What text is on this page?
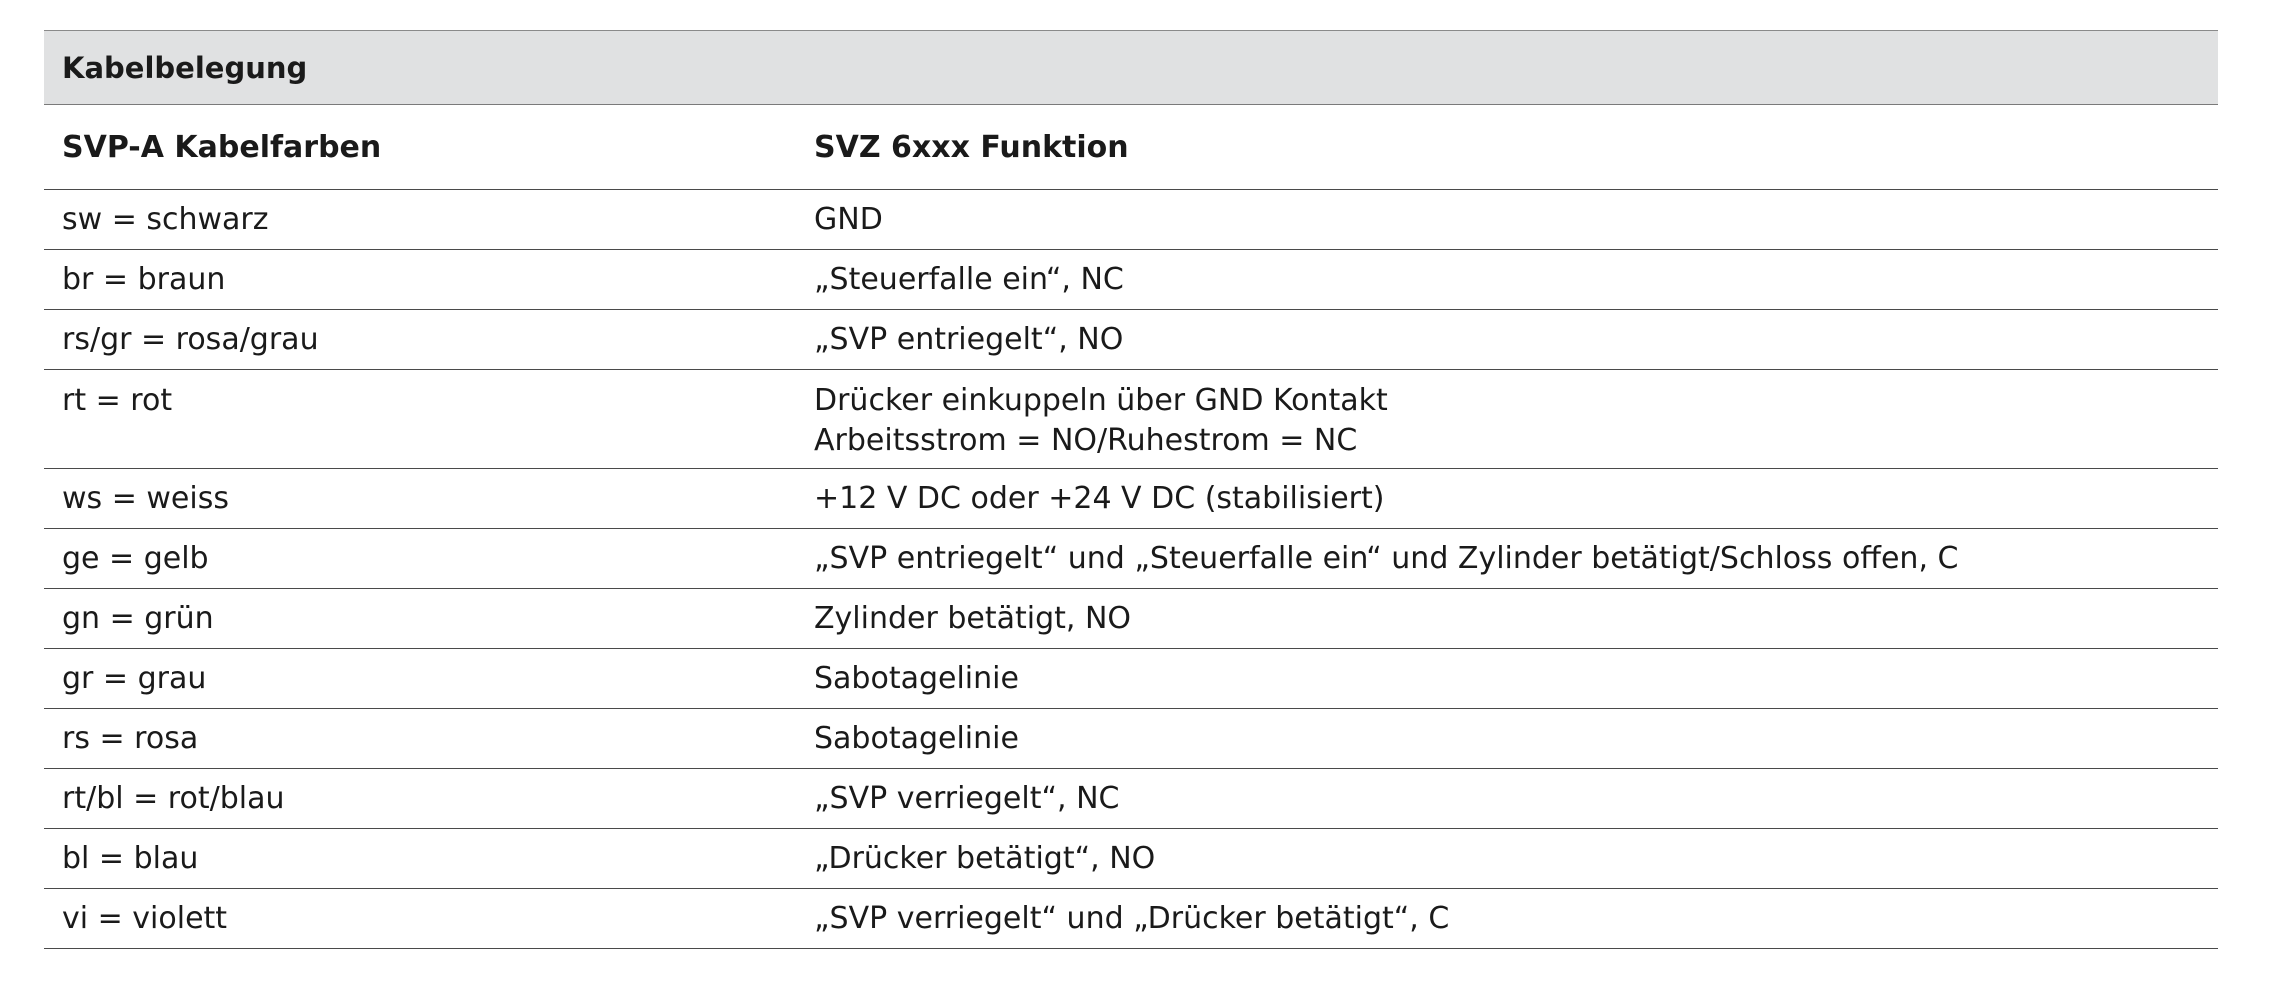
Kabelbelegung	
SVP-A Kabelfarben	SVZ 6xxx Funktion
sw = schwarz	GND
br = braun	„Steuerfalle ein“, NC
rs/gr = rosa/grau	„SVP entriegelt“, NO
rt = rot	Drücker einkuppeln über GND Kontakt
Arbeitsstrom = NO/Ruhestrom = NC

ws = weiss	+12 V DC oder +24 V DC (stabilisiert)
ge = gelb	„SVP entriegelt“ und „Steuerfalle ein“ und Zylinder betätigt/Schloss offen, C
gn = grün	Zylinder betätigt, NO
gr = grau	Sabotagelinie
rs = rosa	Sabotagelinie
rt/bl = rot/blau	„SVP verriegelt“, NC
bl = blau	„Drücker betätigt“, NO
vi = violett	„SVP verriegelt“ und „Drücker betätigt“, C
